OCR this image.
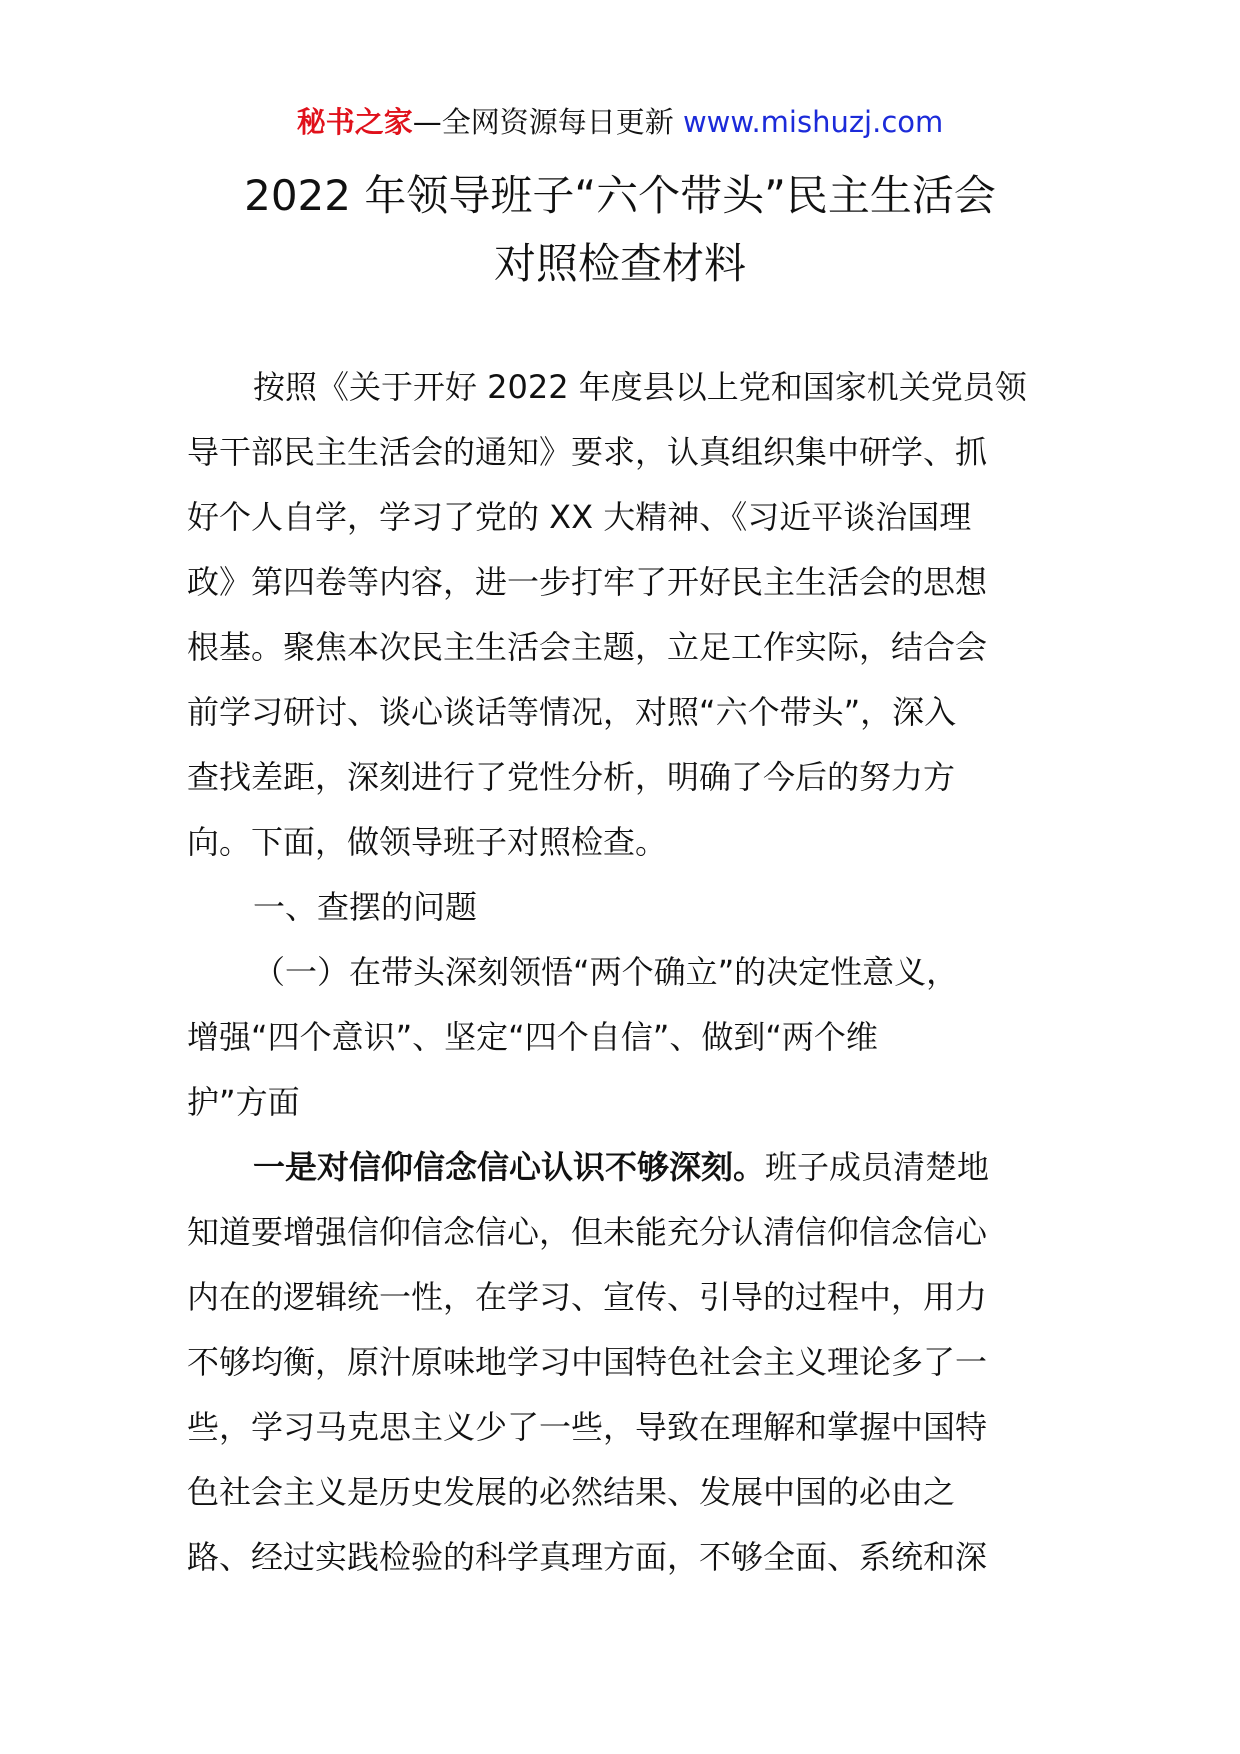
秘书之家—全网资源每日更新 www.mishuzj.com
2022 年领导班子“六个带头”民主生活会
对照检查材料
按照《关于开好 2022 年度县以上党和国家机关党员领
导干部民主生活会的通知》要求，认真组织集中研学、抓
好个人自学，学习了党的 XX 大精神、《习近平谈治国理
政》第四卷等内容，进一步打牢了开好民主生活会的思想
根基。聚焦本次民主生活会主题，立足工作实际，结合会
前学习研讨、谈心谈话等情况，对照“六个带头”，深入
查找差距，深刻进行了党性分析，明确了今后的努力方
向。下面，做领导班子对照检查。
一、查摆的问题
（一）在带头深刻领悟“两个确立”的决定性意义，
增强“四个意识”、坚定“四个自信”、做到“两个维
护”方面
一是对信仰信念信心认识不够深刻。 班子成员清楚地
知道要增强信仰信念信心，但未能充分认清信仰信念信心
内在的逻辑统一性，在学习、宣传、引导的过程中，用力
不够均衡，原汁原味地学习中国特色社会主义理论多了一
些，学习马克思主义少了一些，导致在理解和掌握中国特
色社会主义是历史发展的必然结果、发展中国的必由之
路、经过实践检验的科学真理方面，不够全面、系统和深
